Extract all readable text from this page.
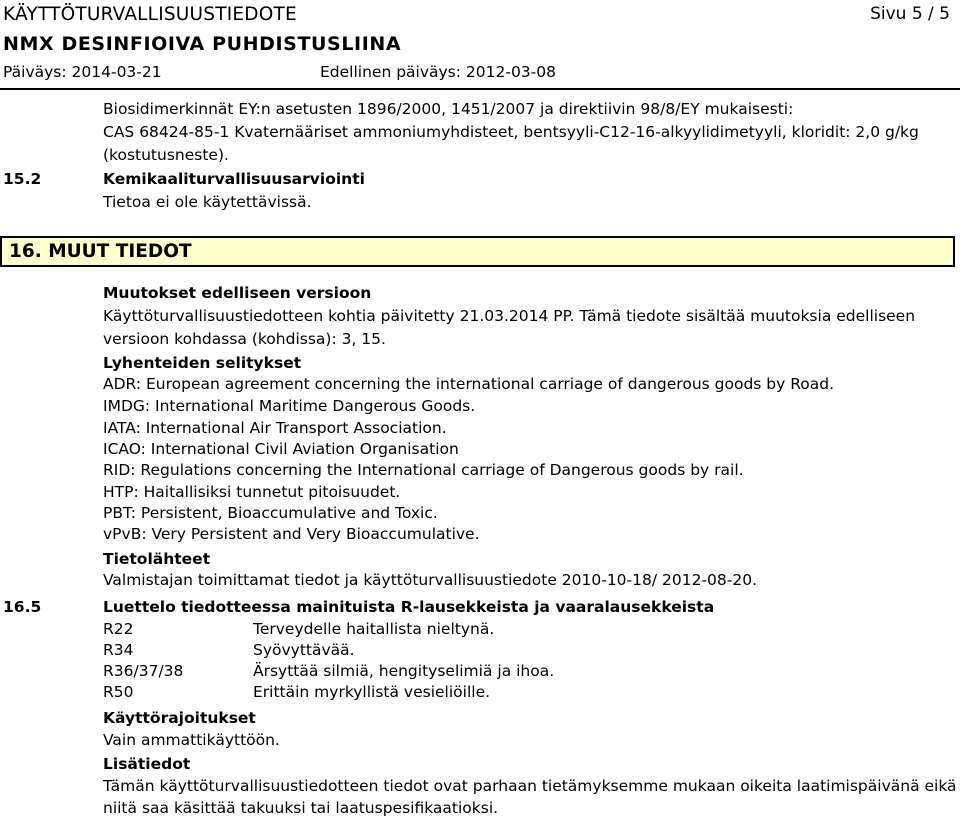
KÄYTTÖTURVALLISUUSTIEDOTE	Sivu 5 / 5
NMX DESINFIOIVA PUHDISTUSLIINA
Päiväys: 2014-03-21	Edellinen päiväys: 2012-03-08
Biosidimerkinnät EY:n asetusten 1896/2000, 1451/2007 ja direktiivin 98/8/EY mukaisesti:
CAS 68424-85-1 Kvaternääriset ammoniumyhdisteet, bentsyyli-C12-16-alkyylidimetyyli, kloridit: 2,0 g/kg
(kostutusneste).
15.2	Kemikaaliturvallisuusarviointi
Tietoa ei ole käytettävissä.
16. MUUT TIEDOT
Muutokset edelliseen versioon
Käyttöturvallisuustiedotteen kohtia päivitetty 21.03.2014 PP. Tämä tiedote sisältää muutoksia edelliseen
versioon kohdassa (kohdissa): 3, 15.
Lyhenteiden selitykset
ADR: European agreement concerning the international carriage of dangerous goods by Road.
IMDG: International Maritime Dangerous Goods.
IATA: International Air Transport Association.
ICAO: International Civil Aviation Organisation
RID: Regulations concerning the International carriage of Dangerous goods by rail.
HTP: Haitallisiksi tunnetut pitoisuudet.
PBT: Persistent, Bioaccumulative and Toxic.
vPvB: Very Persistent and Very Bioaccumulative.
Tietolähteet
Valmistajan toimittamat tiedot ja käyttöturvallisuustiedote 2010-10-18/ 2012-08-20.
16.5	Luettelo tiedotteessa mainituista R-lausekkeista ja vaaralausekkeista
R22	Terveydelle haitallista nieltynä.
R34	Syövyttävää.
R36/37/38	Ärsyttää silmiä, hengityselimiä ja ihoa.
R50	Erittäin myrkyllistä vesieliöille.
Käyttörajoitukset
Vain ammattikäyttöön.
Lisätiedot
Tämän käyttöturvallisuustiedotteen tiedot ovat parhaan tietämyksemme mukaan oikeita laatimispäivänä eikä
niitä saa käsittää takuuksi tai laatuspesifikaatioksi.
